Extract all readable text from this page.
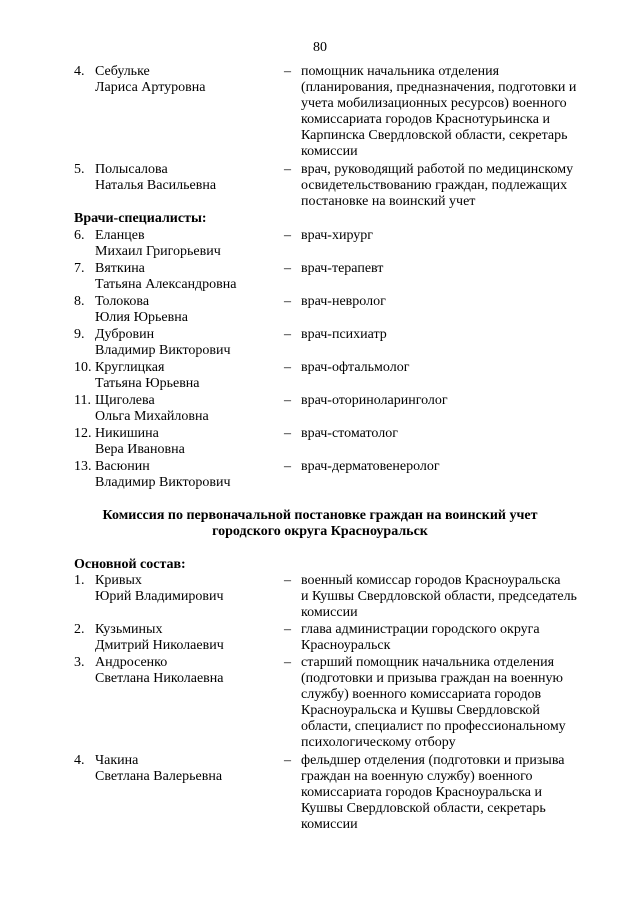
80
4. Себульке
Лариса Артуровна
– помощник начальника отделения
(планирования, предназначения, подготовки и
учета мобилизационных ресурсов) военного
комиссариата городов Краснотурьинска и
Карпинска Свердловской области, секретарь
комиссии
5. Полысалова
Наталья Васильевна
– врач, руководящий работой по медицинскому
освидетельствованию граждан, подлежащих
постановке на воинский учет
Врачи-специалисты:
6. Еланцев
Михаил Григорьевич
– врач-хирург
7. Вяткина
Татьяна Александровна
– врач-терапевт
8. Толокова
Юлия Юрьевна
– врач-невролог
9. Дубровин
Владимир Викторович
– врач-психиатр
10. Круглицкая
Татьяна Юрьевна
– врач-офтальмолог
11. Щиголева
Ольга Михайловна
– врач-оториноларинголог
12. Никишина
Вера Ивановна
– врач-стоматолог
13. Васюнин
Владимир Викторович
– врач-дерматовенеролог
Комиссия по первоначальной постановке граждан на воинский учет
городского округа Красноуральск
Основной состав:
1. Кривых
Юрий Владимирович
– военный комиссар городов Красноуральска
и Кушвы Свердловской области, председатель
комиссии
2. Кузьминых
Дмитрий Николаевич
– глава администрации городского округа
Красноуральск
3. Андросенко
Светлана Николаевна
– старший помощник начальника отделения
(подготовки и призыва граждан на военную
службу) военного комиссариата городов
Красноуральска и Кушвы Свердловской
области, специалист по профессиональному
психологическому отбору
4. Чакина
Светлана Валерьевна
– фельдшер отделения (подготовки и призыва
граждан на военную службу) военного
комиссариата городов Красноуральска и
Кушвы Свердловской области, секретарь
комиссии
